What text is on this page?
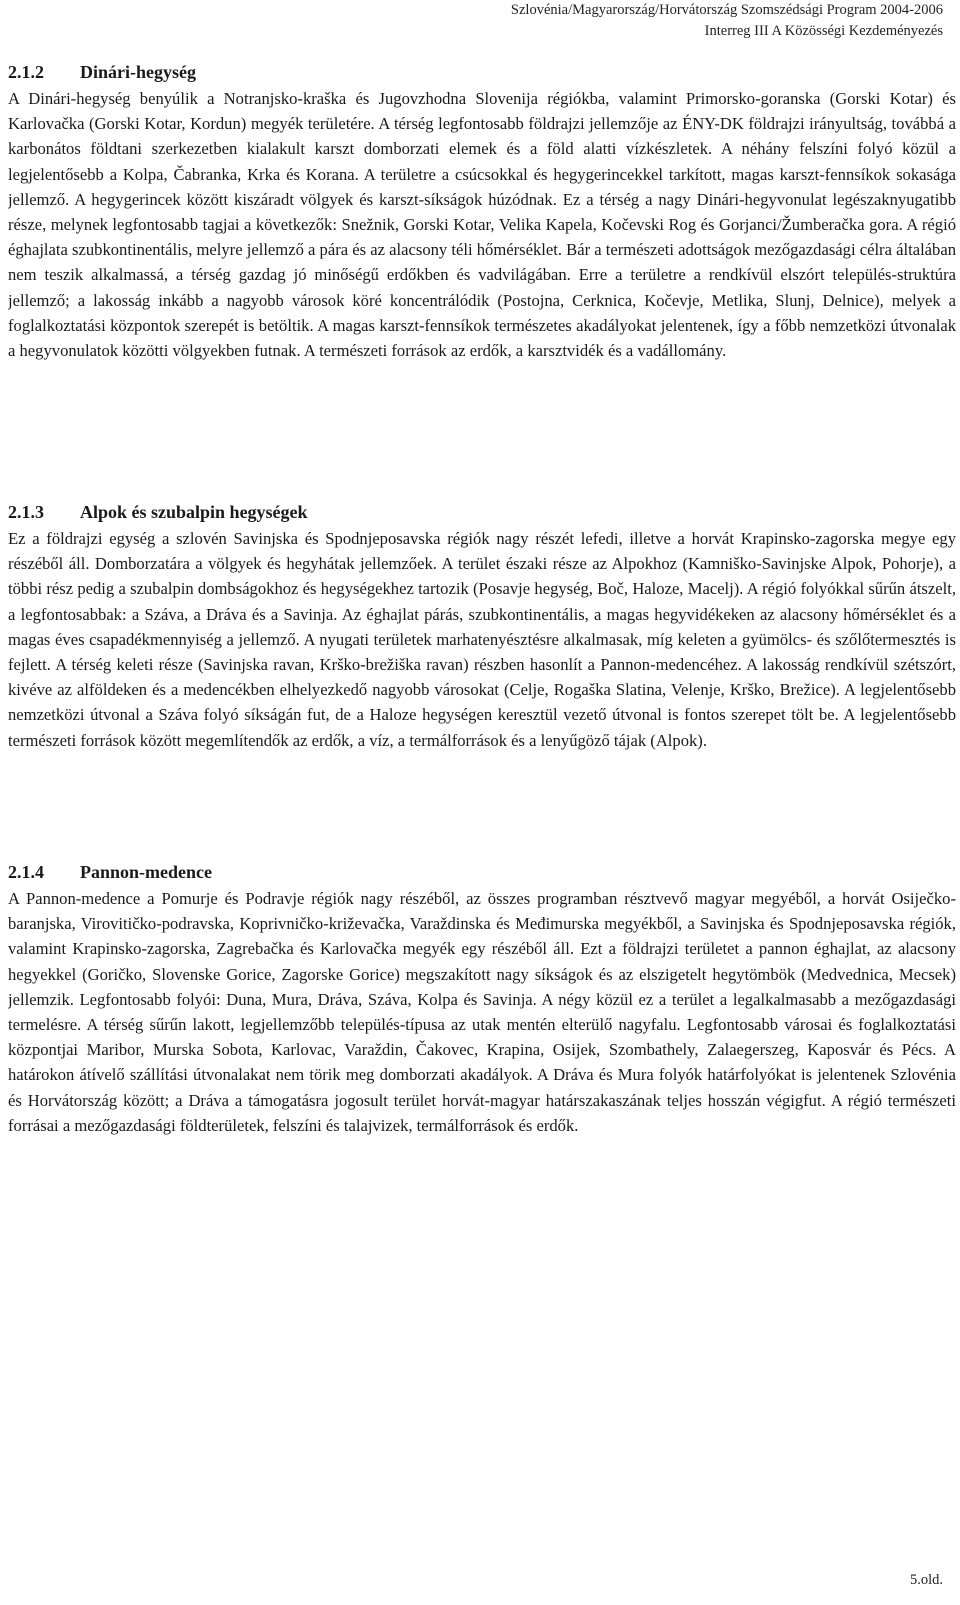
Szlovénia/Magyarország/Horvátország Szomszédsági Program 2004-2006
Interreg III A Közösségi Kezdeményezés
2.1.2	Dinári-hegység

A Dinári-hegység benyúlik a Notranjsko-kraška és Jugovzhodna Slovenija régiókba, valamint Primorsko-goranska (Gorski Kotar) és Karlovačka (Gorski Kotar, Kordun) megyék területére. A térség legfontosabb földrajzi jellemzője az ÉNY-DK földrajzi irányultság, továbbá a karbonátos földtani szerkezetben kialakult karszt domborzati elemek és a föld alatti vízkészletek. A néhány felszíni folyó közül a legjelentősebb a Kolpa, Čabranka, Krka és Korana. A területre a csúcsokkal és hegygerincekkel tarkított, magas karszt-fennsíkok sokasága jellemző. A hegygerincek között kiszáradt völgyek és karszt-síkságok húzódnak. Ez a térség a nagy Dinári-hegyvonulat legészaknyugatibb része, melynek legfontosabb tagjai a következők: Snežnik, Gorski Kotar, Velika Kapela, Kočevski Rog és Gorjanci/Žumberačka gora. A régió éghajlata szubkontinentális, melyre jellemző a pára és az alacsony téli hőmérséklet. Bár a természeti adottságok mezőgazdasági célra általában nem teszik alkalmassá, a térség gazdag jó minőségű erdőkben és vadvilágában. Erre a területre a rendkívül elszórt település-struktúra jellemző; a lakosság inkább a nagyobb városok köré koncentrálódik (Postojna, Cerknica, Kočevje, Metlika, Slunj, Delnice), melyek a foglalkoztatási központok szerepét is betöltik. A magas karszt-fennsíkok természetes akadályokat jelentenek, így a főbb nemzetközi útvonalak a hegyvonulatok közötti völgyekben futnak. A természeti források az erdők, a karsztvidék és a vadállomány.

2.1.3	Alpok és szubalpin hegységek

Ez a földrajzi egység a szlovén Savinjska és Spodnjeposavska régiók nagy részét lefedi, illetve a horvát Krapinsko-zagorska megye egy részéből áll. Domborzatára a völgyek és hegyhátak jellemzőek. A terület északi része az Alpokhoz (Kamniško-Savinjske Alpok, Pohorje), a többi rész pedig a szubalpin dombságokhoz és hegységekhez tartozik (Posavje hegység, Boč, Haloze, Macelj). A régió folyókkal sűrűn átszelt, a legfontosabbak: a Száva, a Dráva és a Savinja. Az éghajlat párás, szubkontinentális, a magas hegyvidékeken az alacsony hőmérséklet és a magas éves csapadékmennyiség a jellemző. A nyugati területek marhatenyésztésre alkalmasak, míg keleten a gyümölcs- és szőlőtermesztés is fejlett. A térség keleti része (Savinjska ravan, Krško-brežiška ravan) részben hasonlít a Pannon-medencéhez. A lakosság rendkívül szétszórt, kivéve az alföldeken és a medencékben elhelyezkedő nagyobb városokat (Celje, Rogaška Slatina, Velenje, Krško, Brežice). A legjelentősebb nemzetközi útvonal a Száva folyó síkságán fut, de a Haloze hegységen keresztül vezető útvonal is fontos szerepet tölt be. A legjelentősebb természeti források között megemlítendők az erdők, a víz, a termálforrások és a lenyűgöző tájak (Alpok).

2.1.4	Pannon-medence

A Pannon-medence a Pomurje és Podravje régiók nagy részéből, az összes programban résztvevő magyar megyéből, a horvát Osiječko-baranjska, Virovitičko-podravska, Koprivničko-križevačka, Varaždinska és Međimurska megyékből, a Savinjska és Spodnjeposavska régiók, valamint Krapinsko-zagorska, Zagrebačka és Karlovačka megyék egy részéből áll. Ezt a földrajzi területet a pannon éghajlat, az alacsony hegyekkel (Goričko, Slovenske Gorice, Zagorske Gorice) megszakított nagy síkságok és az elszigetelt hegytömbök (Medvednica, Mecsek) jellemzik. Legfontosabb folyói: Duna, Mura, Dráva, Száva, Kolpa és Savinja. A négy közül ez a terület a legalkalmasabb a mezőgazdasági termelésre. A térség sűrűn lakott, legjellemzőbb település-típusa az utak mentén elterülő nagyfalu. Legfontosabb városai és foglalkoztatási központjai Maribor, Murska Sobota, Karlovac, Varaždin, Čakovec, Krapina, Osijek, Szombathely, Zalaegerszeg, Kaposvár és Pécs. A határokon átívelő szállítási útvonalakat nem törik meg domborzati akadályok. A Dráva és Mura folyók határfolyókat is jelentenek Szlovénia és Horvátország között; a Dráva a támogatásra jogosult terület horvát-magyar határszakaszának teljes hosszán végigfut. A régió természeti forrásai a mezőgazdasági földterületek, felszíni és talajvizek, termálforrások és erdők.

5.old.
